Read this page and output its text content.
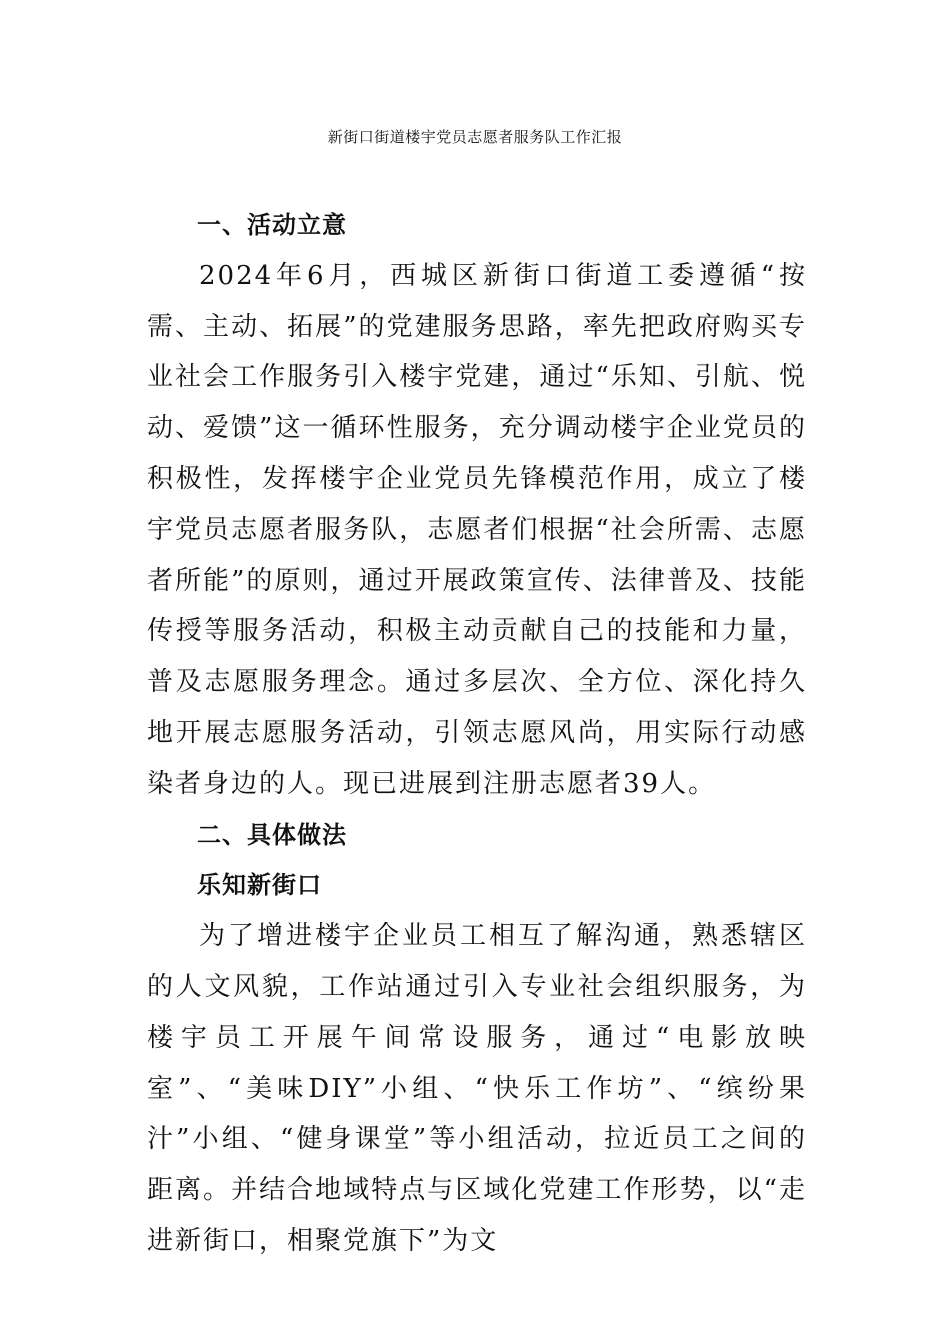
新街口街道楼宇党员志愿者服务队工作汇报

一、活动立意

2024年6月，西城区新街口街道工委遵循“按需、主动、拓展”的党建服务思路，率先把政府购买专业社会工作服务引入楼宇党建，通过“乐知、引航、悦动、爱馈”这一循环性服务，充分调动楼宇企业党员的积极性，发挥楼宇企业党员先锋模范作用，成立了楼宇党员志愿者服务队，志愿者们根据“社会所需、志愿者所能”的原则，通过开展政策宣传、法律普及、技能传授等服务活动，积极主动贡献自己的技能和力量，普及志愿服务理念。通过多层次、全方位、深化持久地开展志愿服务活动，引领志愿风尚，用实际行动感染者身边的人。现已进展到注册志愿者39人。

二、具体做法

乐知新街口

为了增进楼宇企业员工相互了解沟通，熟悉辖区的人文风貌，工作站通过引入专业社会组织服务，为楼宇员工开展午间常设服务，通过“电影放映室”、“美味DIY”小组、“快乐工作坊”、“缤纷果汁”小组、“健身课堂”等小组活动，拉近员工之间的距离。并结合地域特点与区域化党建工作形势，以“走进新街口，相聚党旗下”为文
